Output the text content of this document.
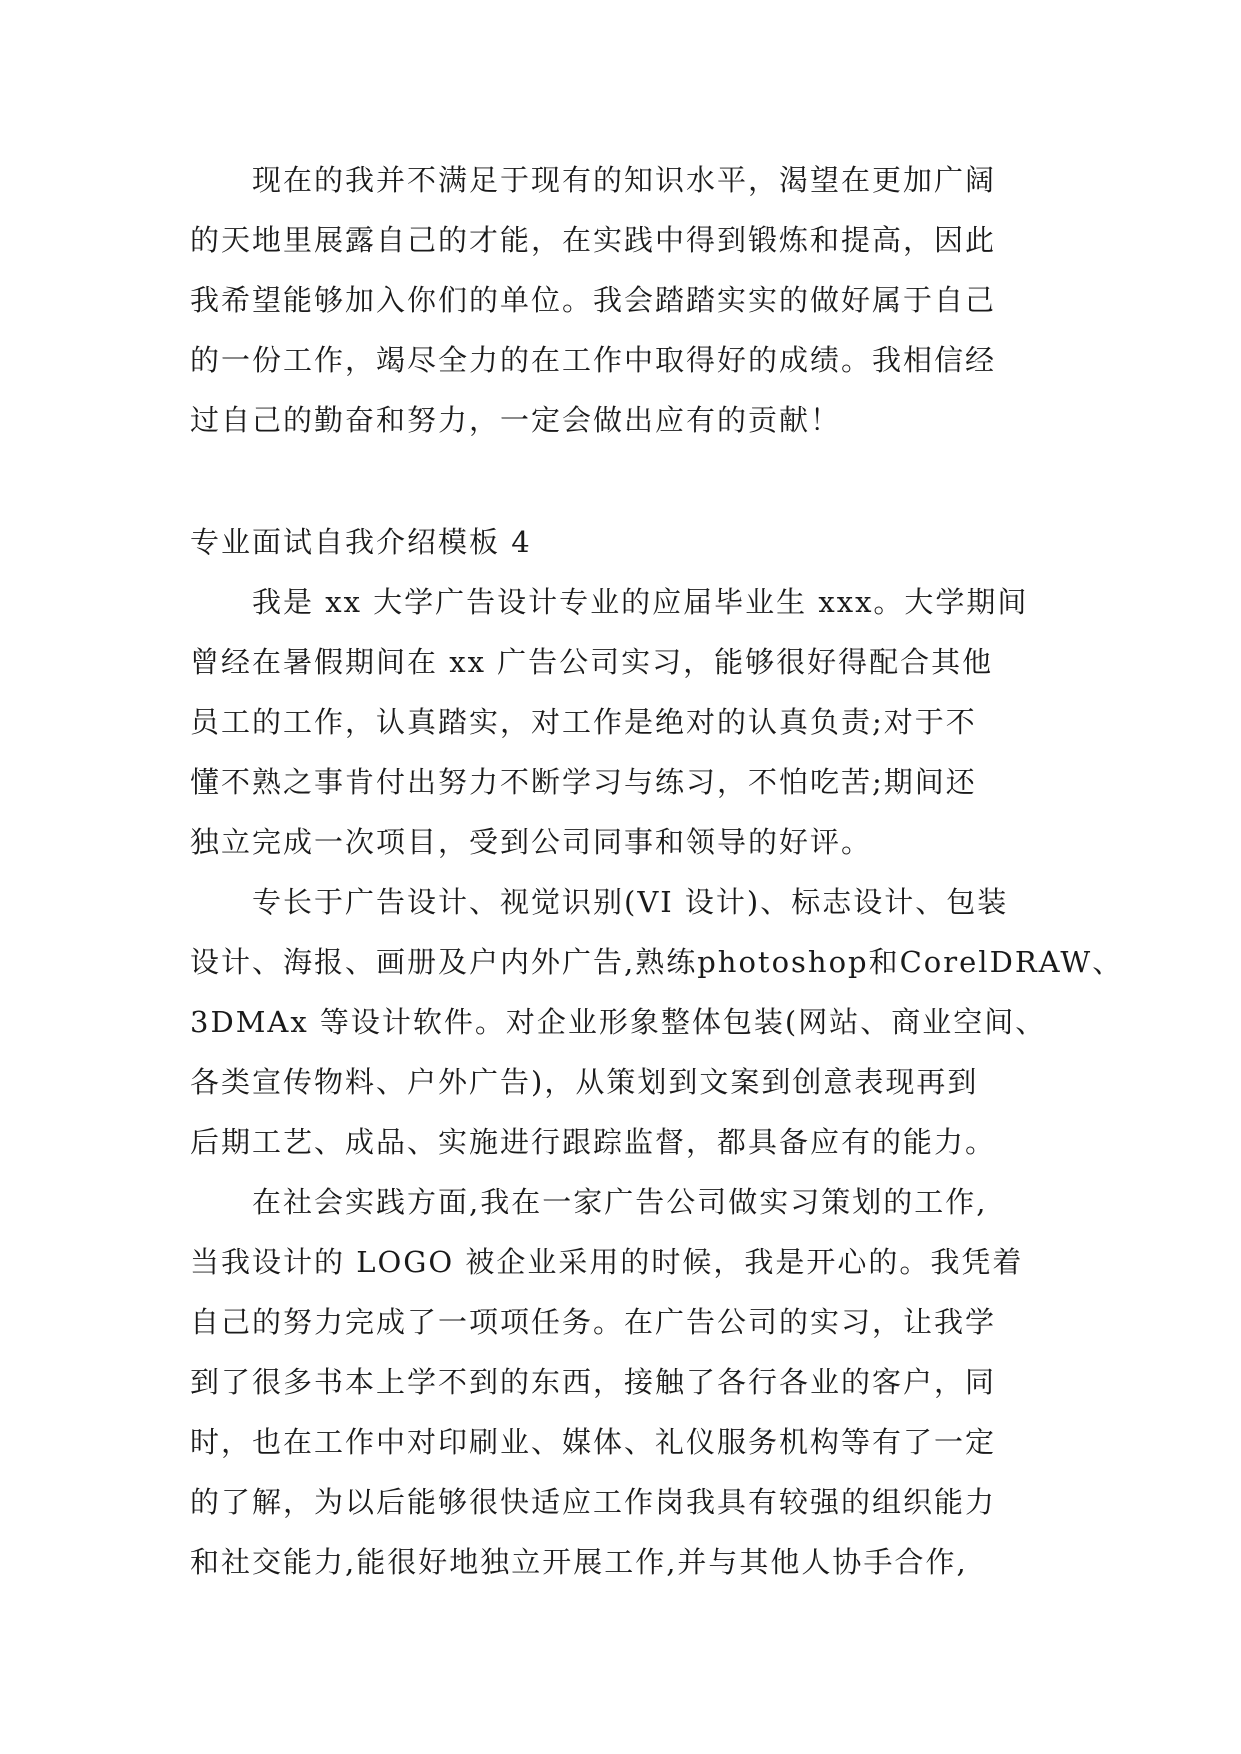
现在的我并不满足于现有的知识水平，渴望在更加广阔
的天地里展露自己的才能，在实践中得到锻炼和提高，因此
我希望能够加入你们的单位。我会踏踏实实的做好属于自己
的一份工作，竭尽全力的在工作中取得好的成绩。我相信经
过自己的勤奋和努力，一定会做出应有的贡献！
专业面试自我介绍模板 4
我是 xx 大学广告设计专业的应届毕业生 xxx。大学期间
曾经在暑假期间在 xx 广告公司实习，能够很好得配合其他
员工的工作，认真踏实，对工作是绝对的认真负责;对于不
懂不熟之事肯付出努力不断学习与练习，不怕吃苦;期间还
独立完成一次项目，受到公司同事和领导的好评。
专长于广告设计、视觉识别(VI 设计)、标志设计、包装
设计、海报、画册及户内外广告,熟练photoshop和CorelDRAW、
3DMAx 等设计软件。对企业形象整体包装(网站、商业空间、
各类宣传物料、户外广告)，从策划到文案到创意表现再到
后期工艺、成品、实施进行跟踪监督，都具备应有的能力。
在社会实践方面,我在一家广告公司做实习策划的工作,
当我设计的 LOGO 被企业采用的时候，我是开心的。我凭着
自己的努力完成了一项项任务。在广告公司的实习，让我学
到了很多书本上学不到的东西，接触了各行各业的客户，同
时，也在工作中对印刷业、媒体、礼仪服务机构等有了一定
的了解，为以后能够很快适应工作岗我具有较强的组织能力
和社交能力,能很好地独立开展工作,并与其他人协手合作,
